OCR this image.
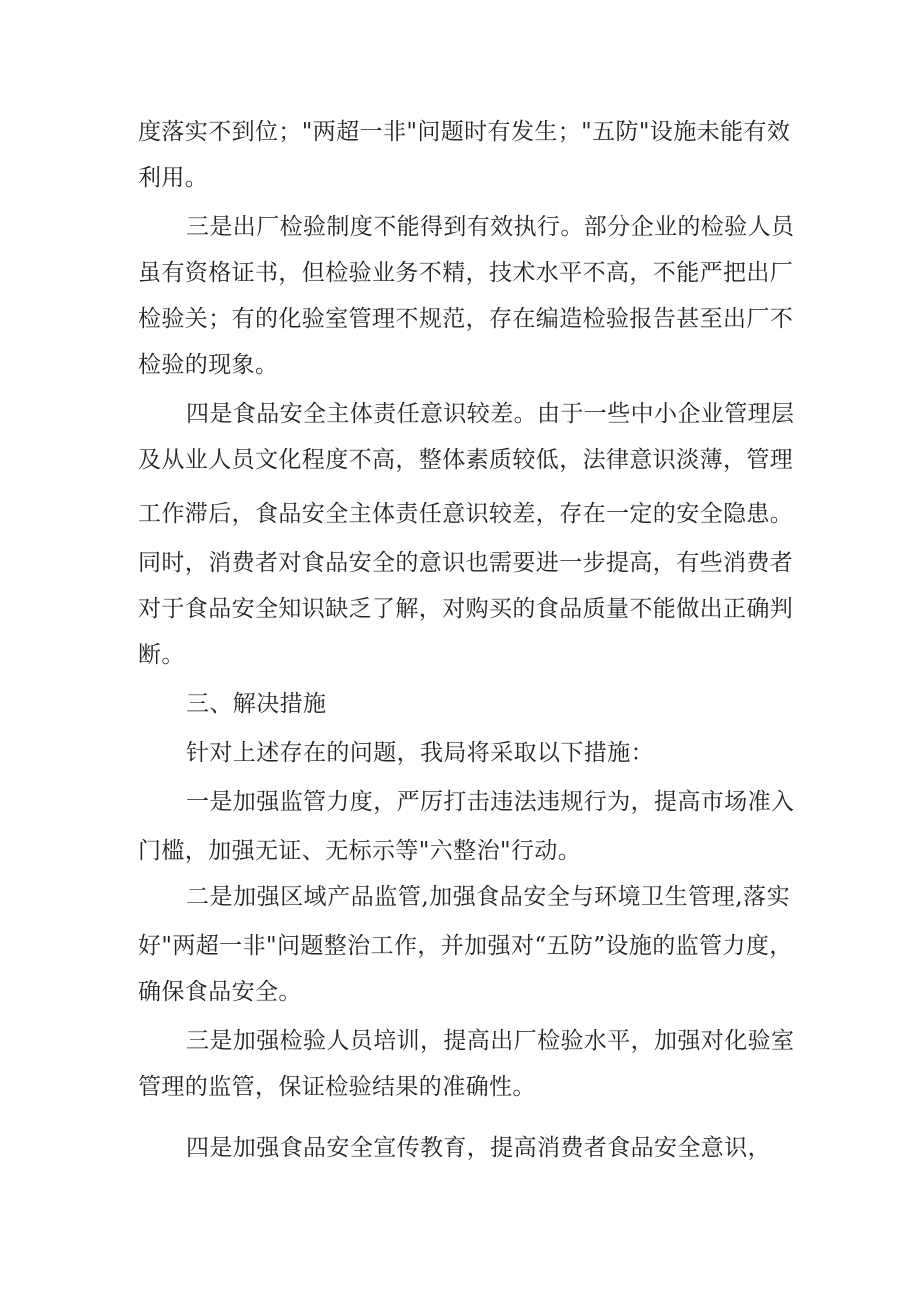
度落实不到位；"两超一非"问题时有发生；"五防"设施未能有效
利用。
三是出厂检验制度不能得到有效执行。部分企业的检验人员
虽有资格证书，但检验业务不精，技术水平不高，不能严把出厂
检验关；有的化验室管理不规范，存在编造检验报告甚至出厂不
检验的现象。
四是食品安全主体责任意识较差。由于一些中小企业管理层
及从业人员文化程度不高，整体素质较低，法律意识淡薄，管理
工作滞后，食品安全主体责任意识较差，存在一定的安全隐患。
同时，消费者对食品安全的意识也需要进一步提高，有些消费者
对于食品安全知识缺乏了解，对购买的食品质量不能做出正确判
断。
三、解决措施
针对上述存在的问题，我局将采取以下措施：
一是加强监管力度，严厉打击违法违规行为，提高市场准入
门槛，加强无证、无标示等"六整治"行动。
二是加强区域产品监管,加强食品安全与环境卫生管理,落实
好"两超一非"问题整治工作，并加强对“五防”设施的监管力度，
确保食品安全。
三是加强检验人员培训，提高出厂检验水平，加强对化验室
管理的监管，保证检验结果的准确性。
四是加强食品安全宣传教育，提高消费者食品安全意识，
